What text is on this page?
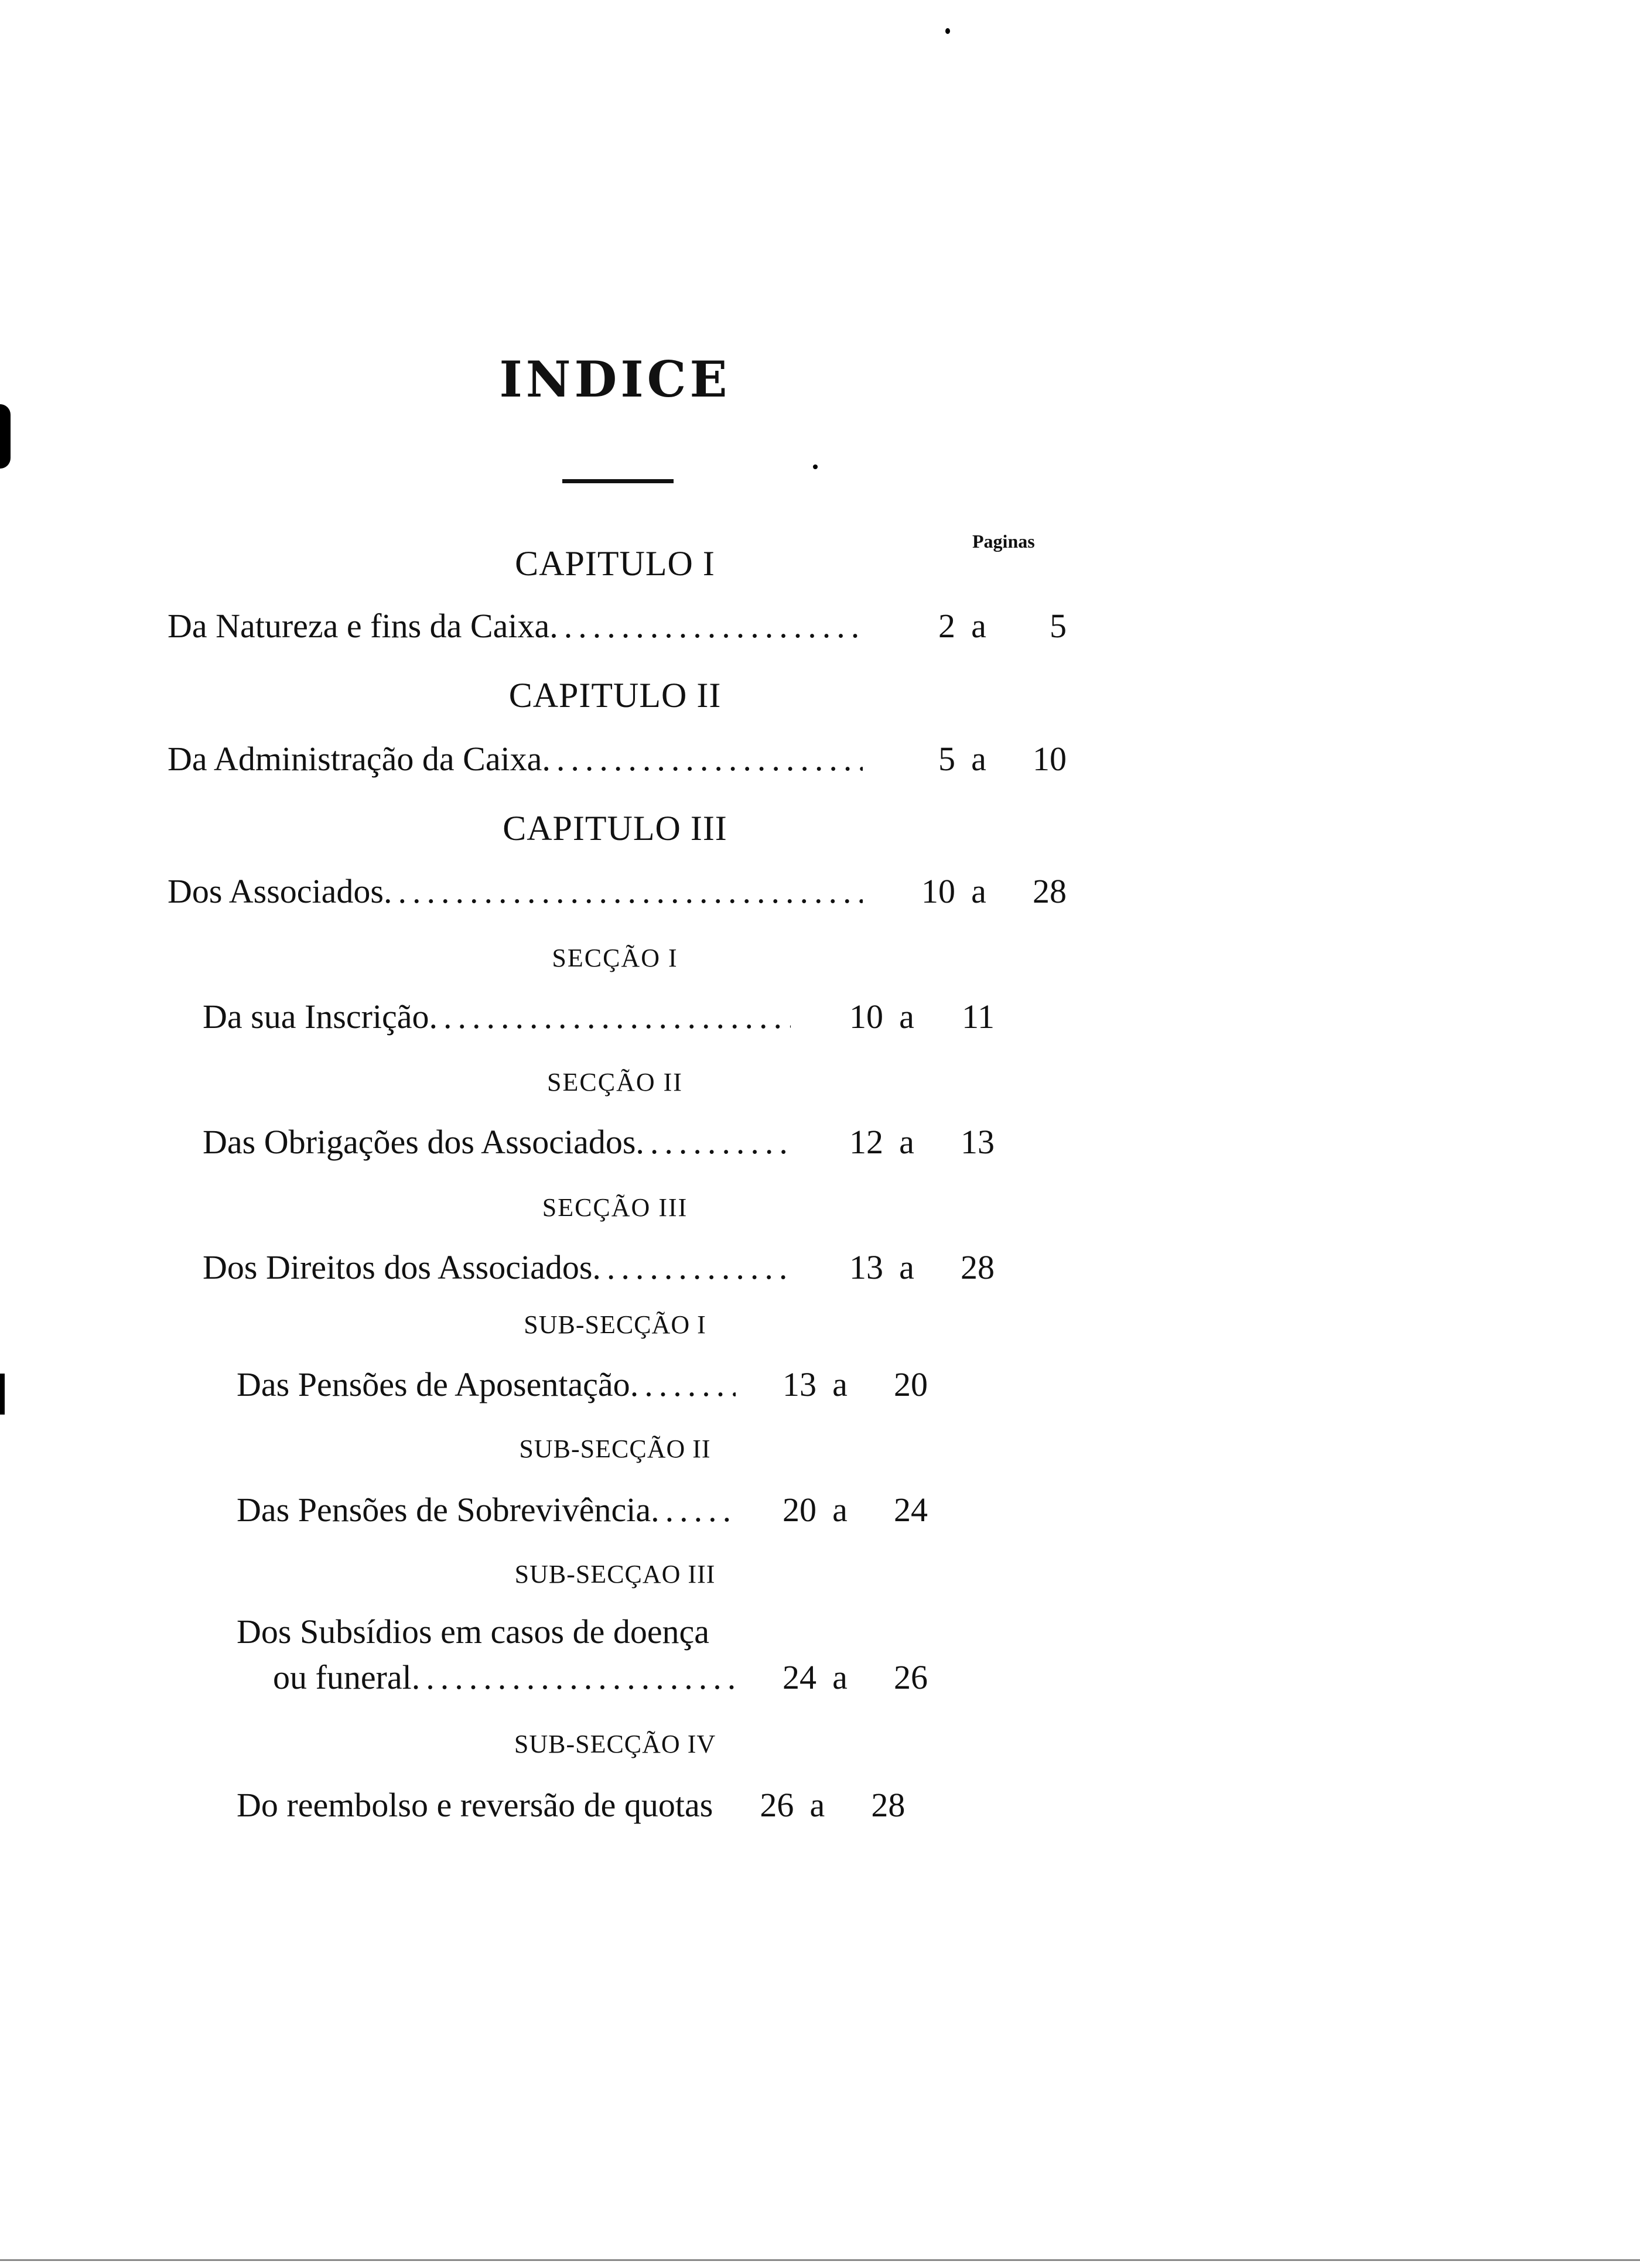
INDICE
Paginas
CAPITULO I
Da Natureza e fins da Caixa .....	2 a	5
CAPITULO II
Da Administração da Caixa .....	5 a	10
CAPITULO III
Dos Associados .....	10 a	28
SECÇÃO I
Da sua Inscrição .....	10 a	11
SECÇÃO II
Das Obrigações dos Associados .....	12 a	13
SECÇÃO III
Dos Direitos dos Associados .....	13 a	28
SUB-SECÇÃO I
Das Pensões de Aposentação .....	13 a	20
SUB-SECÇÃO II
Das Pensões de Sobrevivência .....	20 a	24
SUB-SECÇAO III
Dos Subsídios em casos de doença
ou funeral .....	24 a	26
SUB-SECÇÃO IV
Do reembolso e reversão de quotas	26 a	28
